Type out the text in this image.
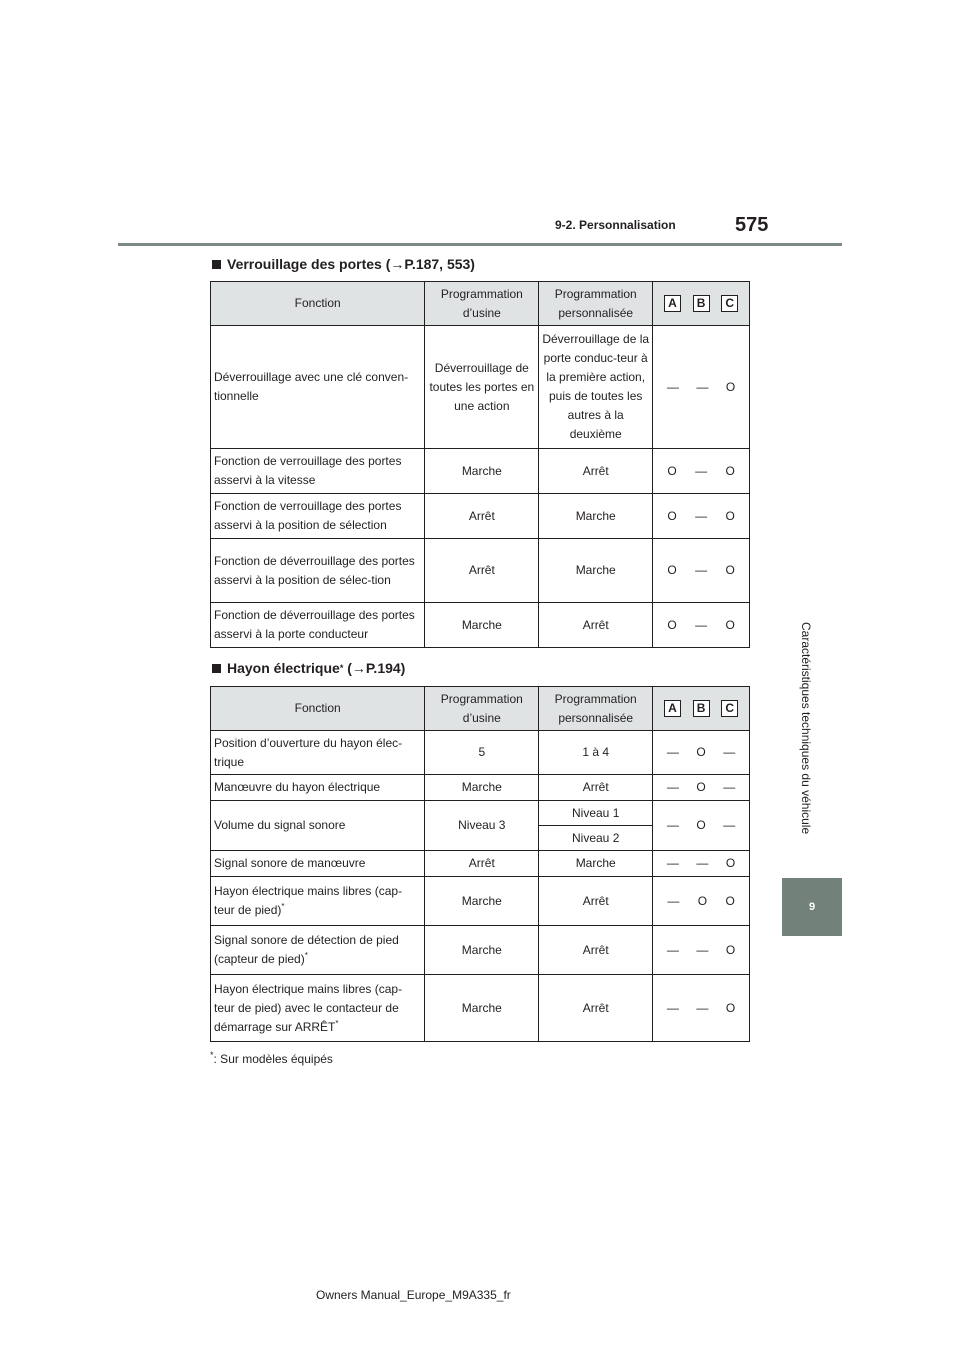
9-2. Personnalisation	575
Caractéristiques techniques du véhicule
9
Verrouillage des portes ( →P.187, 553)
Fonction	Programmation d’usine	Programmation personnalisée	A B C

Déverrouillage avec une clé conven-tionnelle	Déverrouillage de toutes les portes en une action	Déverrouillage de la porte conduc-teur à la première action, puis de toutes les autres à la deuxième	— — O

Fonction de verrouillage des portes asservi à la vitesse	Marche	Arrêt	O — O

Fonction de verrouillage des portes asservi à la position de sélection	Arrêt	Marche	O — O

Fonction de déverrouillage des portes asservi à la position de sélec-tion	Arrêt	Marche	O — O

Fonction de déverrouillage des portes asservi à la porte conducteur	Marche	Arrêt	O — O
Hayon électrique *
(→P.194)
Fonction	Programmation d’usine	Programmation personnalisée	A B C

Position d’ouverture du hayon élec-trique	5	1 à 4	— O —

Manœuvre du hayon électrique	Marche	Arrêt	— O —

Volume du signal sonore	Niveau 3	Niveau 1	— O —

		Niveau 2	
Signal sonore de manœuvre	Arrêt	Marche	— — O

Hayon électrique mains libres (cap-teur de pied)*	Marche	Arrêt	— O O

Signal sonore de détection de pied (capteur de pied)*	Marche	Arrêt	— — O

Hayon électrique mains libres (cap-teur de pied) avec le contacteur de démarrage sur ARRÊT*	Marche	Arrêt	— — O
*: Sur modèles équipés
Owners Manual_Europe_M9A335_fr
